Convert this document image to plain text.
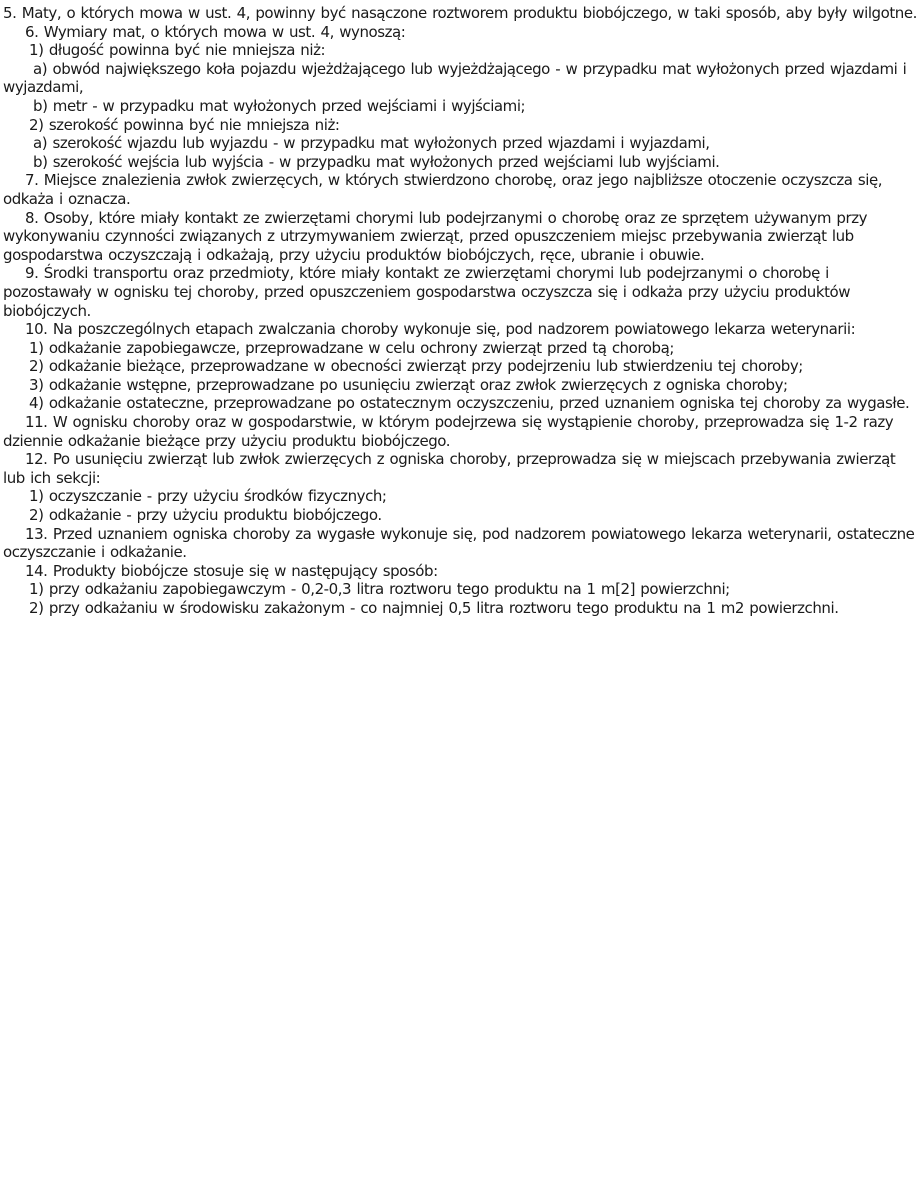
5. Maty, o których mowa w ust. 4, powinny być nasączone roztworem produktu biobójczego, w taki sposób, aby były wilgotne.

6. Wymiary mat, o których mowa w ust. 4, wynoszą:

1) długość powinna być nie mniejsza niż:

a) obwód największego koła pojazdu wjeżdżającego lub wyjeżdżającego - w przypadku mat wyłożonych przed wjazdami i wyjazdami,

b) metr - w przypadku mat wyłożonych przed wejściami i wyjściami;

2) szerokość powinna być nie mniejsza niż:

a) szerokość wjazdu lub wyjazdu - w przypadku mat wyłożonych przed wjazdami i wyjazdami,

b) szerokość wejścia lub wyjścia - w przypadku mat wyłożonych przed wejściami lub wyjściami.

7. Miejsce znalezienia zwłok zwierzęcych, w których stwierdzono chorobę, oraz jego najbliższe otoczenie oczyszcza się, odkaża i oznacza.

8. Osoby, które miały kontakt ze zwierzętami chorymi lub podejrzanymi o chorobę oraz ze sprzętem używanym przy wykonywaniu czynności związanych z utrzymywaniem zwierząt, przed opuszczeniem miejsc przebywania zwierząt lub gospodarstwa oczyszczają i odkażają, przy użyciu produktów biobójczych, ręce, ubranie i obuwie.

9. Środki transportu oraz przedmioty, które miały kontakt ze zwierzętami chorymi lub podejrzanymi o chorobę i pozostawały w ognisku tej choroby, przed opuszczeniem gospodarstwa oczyszcza się i odkaża przy użyciu produktów biobójczych.

10. Na poszczególnych etapach zwalczania choroby wykonuje się, pod nadzorem powiatowego lekarza weterynarii:

1) odkażanie zapobiegawcze, przeprowadzane w celu ochrony zwierząt przed tą chorobą;

2) odkażanie bieżące, przeprowadzane w obecności zwierząt przy podejrzeniu lub stwierdzeniu tej choroby;

3) odkażanie wstępne, przeprowadzane po usunięciu zwierząt oraz zwłok zwierzęcych z ogniska choroby;

4) odkażanie ostateczne, przeprowadzane po ostatecznym oczyszczeniu, przed uznaniem ogniska tej choroby za wygasłe.

11. W ognisku choroby oraz w gospodarstwie, w którym podejrzewa się wystąpienie choroby, przeprowadza się 1-2 razy dziennie odkażanie bieżące przy użyciu produktu biobójczego.

12. Po usunięciu zwierząt lub zwłok zwierzęcych z ogniska choroby, przeprowadza się w miejscach przebywania zwierząt lub ich sekcji:

1) oczyszczanie - przy użyciu środków fizycznych;

2) odkażanie - przy użyciu produktu biobójczego.

13. Przed uznaniem ogniska choroby za wygasłe wykonuje się, pod nadzorem powiatowego lekarza weterynarii, ostateczne oczyszczanie i odkażanie.

14. Produkty biobójcze stosuje się w następujący sposób:

1) przy odkażaniu zapobiegawczym - 0,2-0,3 litra roztworu tego produktu na 1 m[2] powierzchni;

2) przy odkażaniu w środowisku zakażonym - co najmniej 0,5 litra roztworu tego produktu na 1 m2 powierzchni.
